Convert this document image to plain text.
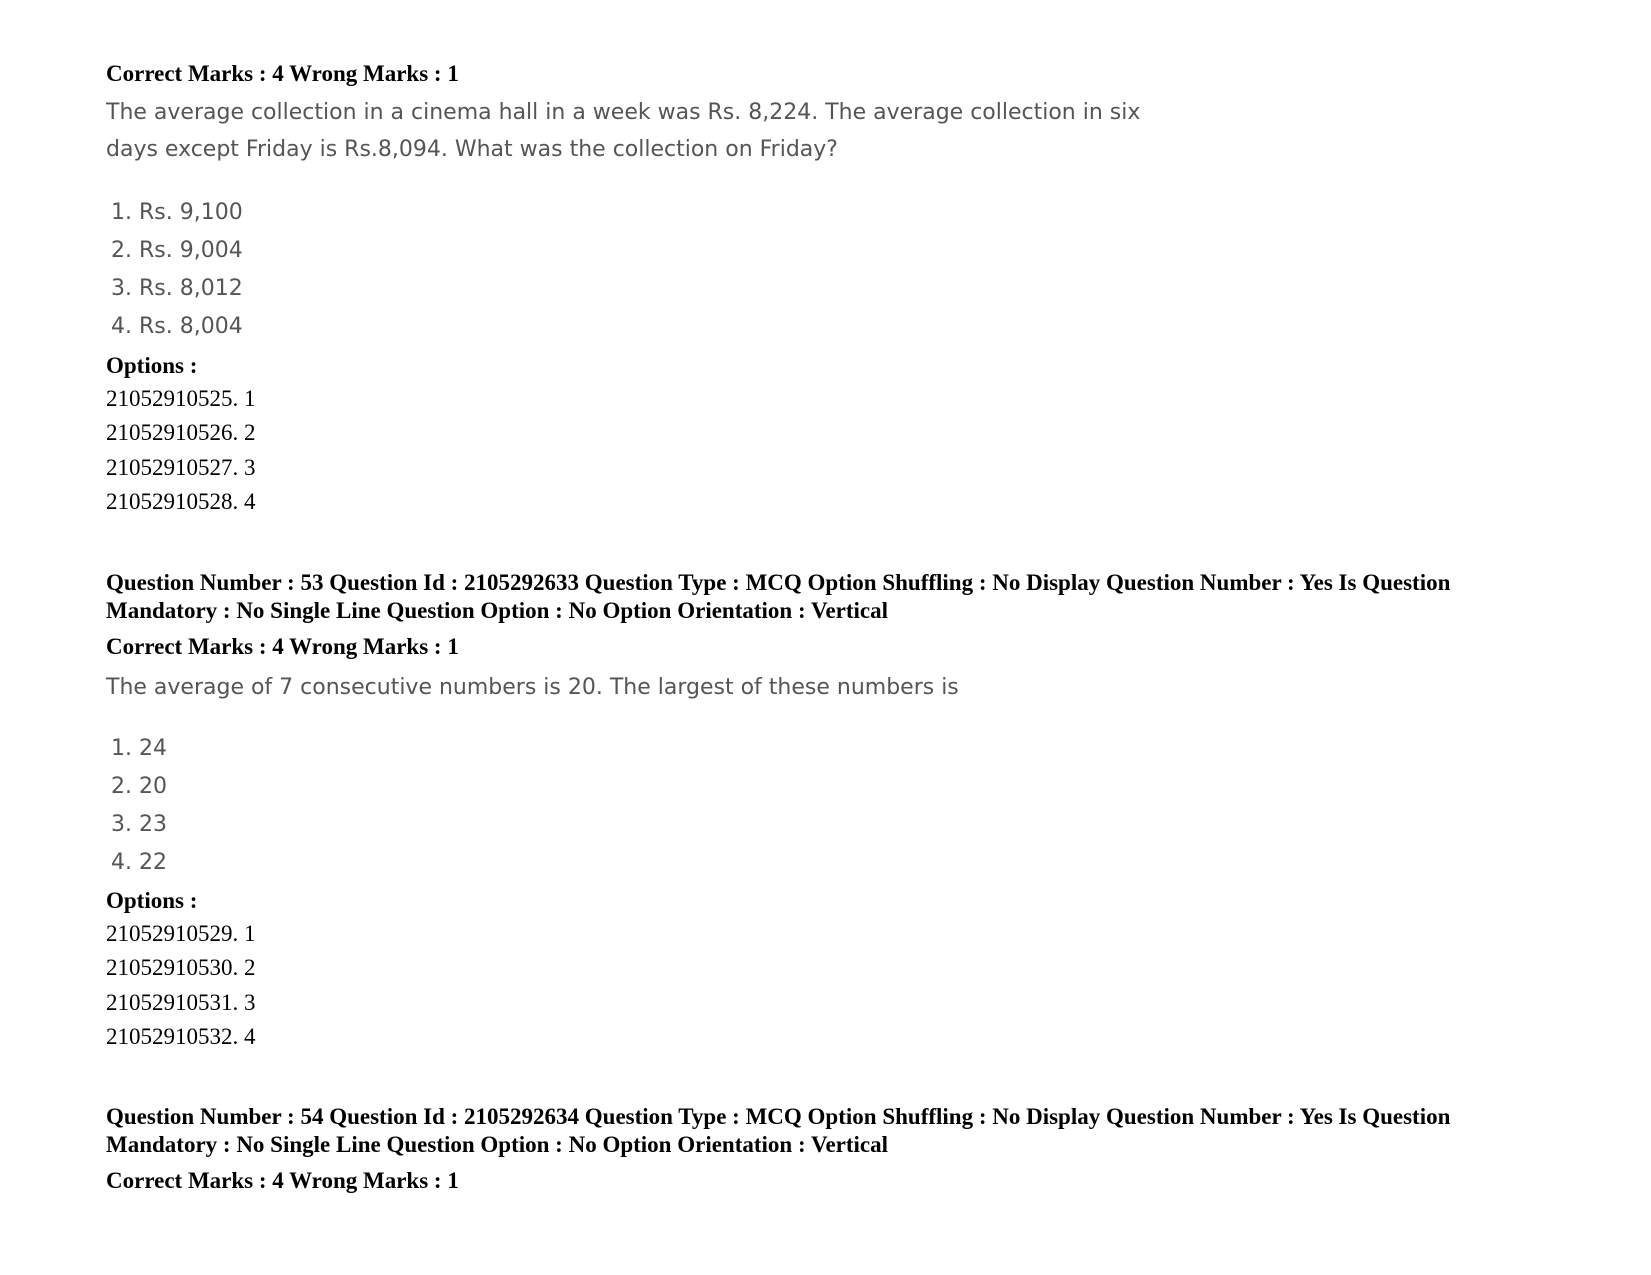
Correct Marks : 4 Wrong Marks : 1
The average collection in a cinema hall in a week was Rs. 8,224. The average collection in six
days except Friday is Rs.8,094. What was the collection on Friday?
1. Rs. 9,100
2. Rs. 9,004
3. Rs. 8,012
4. Rs. 8,004
Options :
21052910525. 1
21052910526. 2
21052910527. 3
21052910528. 4
Question Number : 53 Question Id : 2105292633 Question Type : MCQ Option Shuffling : No Display Question Number : Yes Is Question Mandatory : No Single Line Question Option : No Option Orientation : Vertical
Correct Marks : 4 Wrong Marks : 1
The average of 7 consecutive numbers is 20. The largest of these numbers is
1. 24
2. 20
3. 23
4. 22
Options :
21052910529. 1
21052910530. 2
21052910531. 3
21052910532. 4
Question Number : 54 Question Id : 2105292634 Question Type : MCQ Option Shuffling : No Display Question Number : Yes Is Question Mandatory : No Single Line Question Option : No Option Orientation : Vertical
Correct Marks : 4 Wrong Marks : 1
